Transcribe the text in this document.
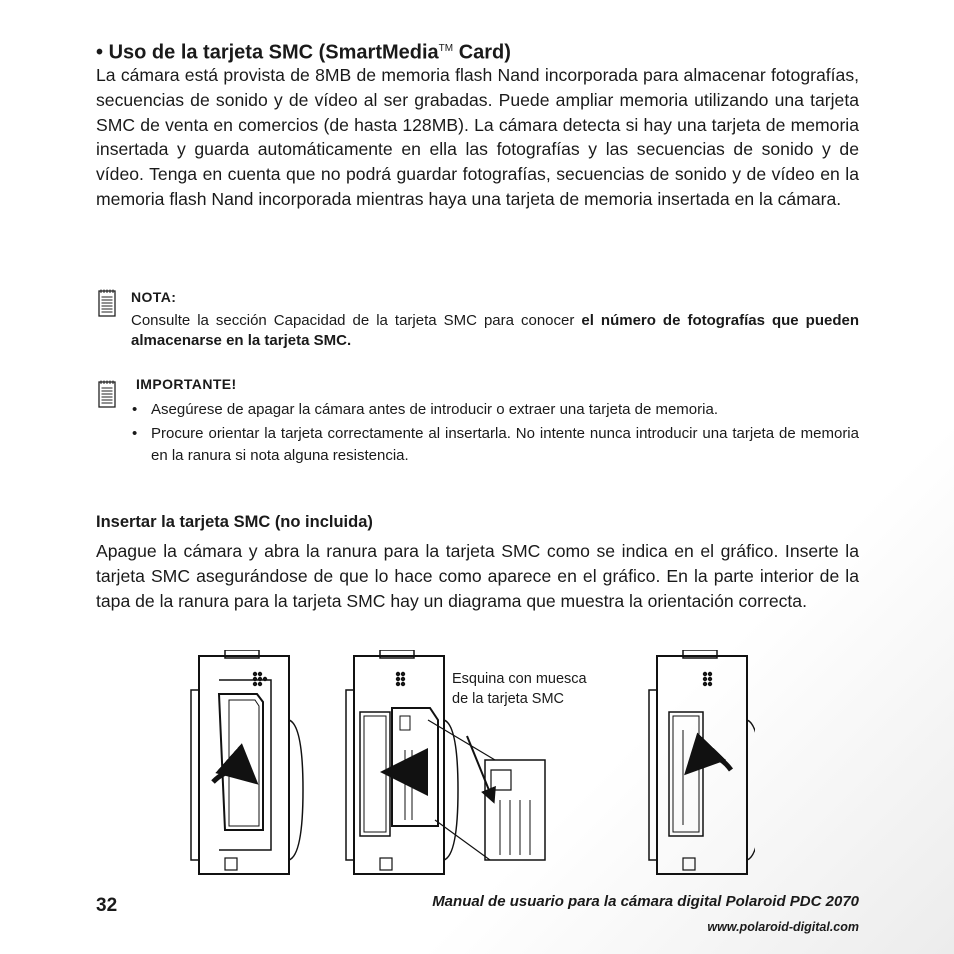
• Uso de la tarjeta SMC (SmartMedia™ Card)

La cámara está provista de 8MB de memoria flash Nand incorporada para almacenar fotografías, secuencias de sonido y de vídeo al ser grabadas. Puede ampliar memoria utilizando una tarjeta SMC de venta en comercios (de hasta 128MB). La cámara detecta si hay una tarjeta de memoria insertada y guarda automáticamente en ella las fotografías y las secuencias de sonido y de vídeo. Tenga en cuenta que no podrá guardar fotografías, secuencias de sonido y de vídeo en la memoria flash Nand incorporada mientras haya una tarjeta de memoria insertada en la cámara.

NOTA:

Consulte la sección Capacidad de la tarjeta SMC para conocer el número de fotografías que pueden almacenarse en la tarjeta SMC.

IMPORTANTE!
• Asegúrese de apagar la cámara antes de introducir o extraer una tarjeta de memoria.
• Procure orientar la tarjeta correctamente al insertarla. No intente nunca introducir una tarjeta de memoria en la ranura si nota alguna resistencia.
Insertar la tarjeta SMC (no incluida)

Apague la cámara y abra la ranura para la tarjeta SMC como se indica en el gráfico. Inserte la tarjeta SMC asegurándose de que lo hace como aparece en el gráfico. En la parte interior de la tapa de la ranura para la tarjeta SMC hay un diagrama que muestra la orientación correcta.

Esquina con muesca
de la tarjeta SMC
32	Manual de usuario para la cámara digital Polaroid PDC 2070
www.polaroid-digital.com
